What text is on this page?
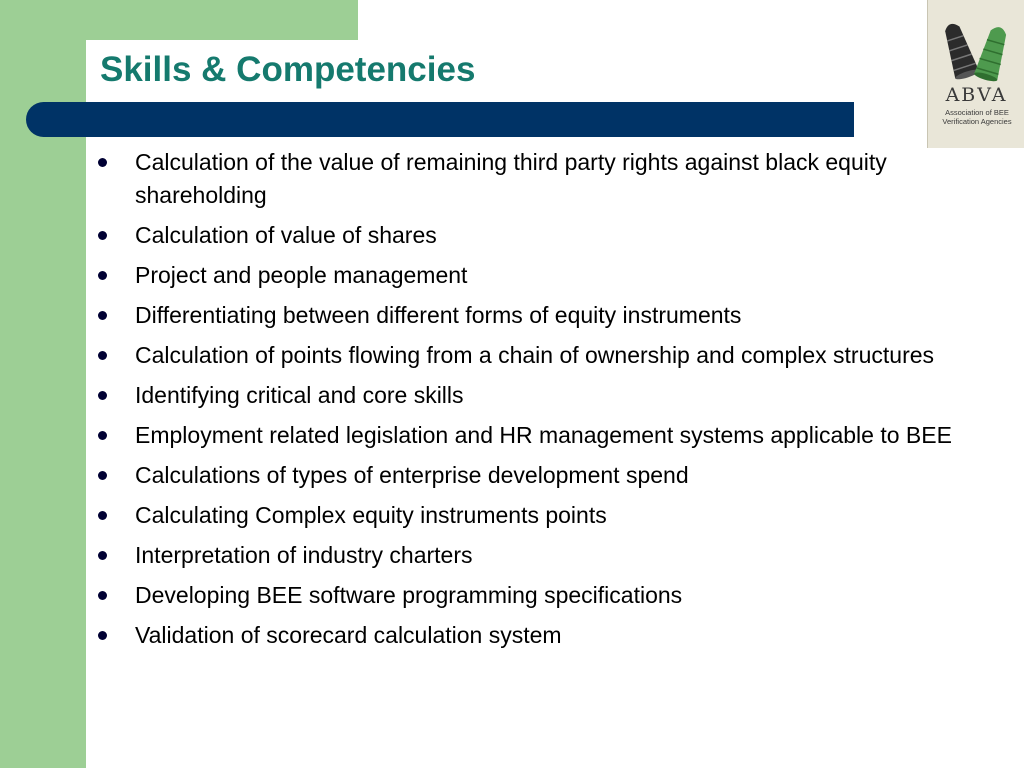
Skills & Competencies
ABVA
Association of BEE Verification Agencies
Calculation of the value of remaining third party rights against black equity shareholding
Calculation of value of shares
Project and people management
Differentiating between different forms of equity instruments
Calculation of points flowing from a chain of ownership and complex structures
Identifying critical and core skills
Employment related legislation and HR management systems applicable to BEE
Calculations of types of enterprise development spend
Calculating Complex equity instruments points
Interpretation of industry charters
Developing BEE software programming specifications
Validation of scorecard calculation system
